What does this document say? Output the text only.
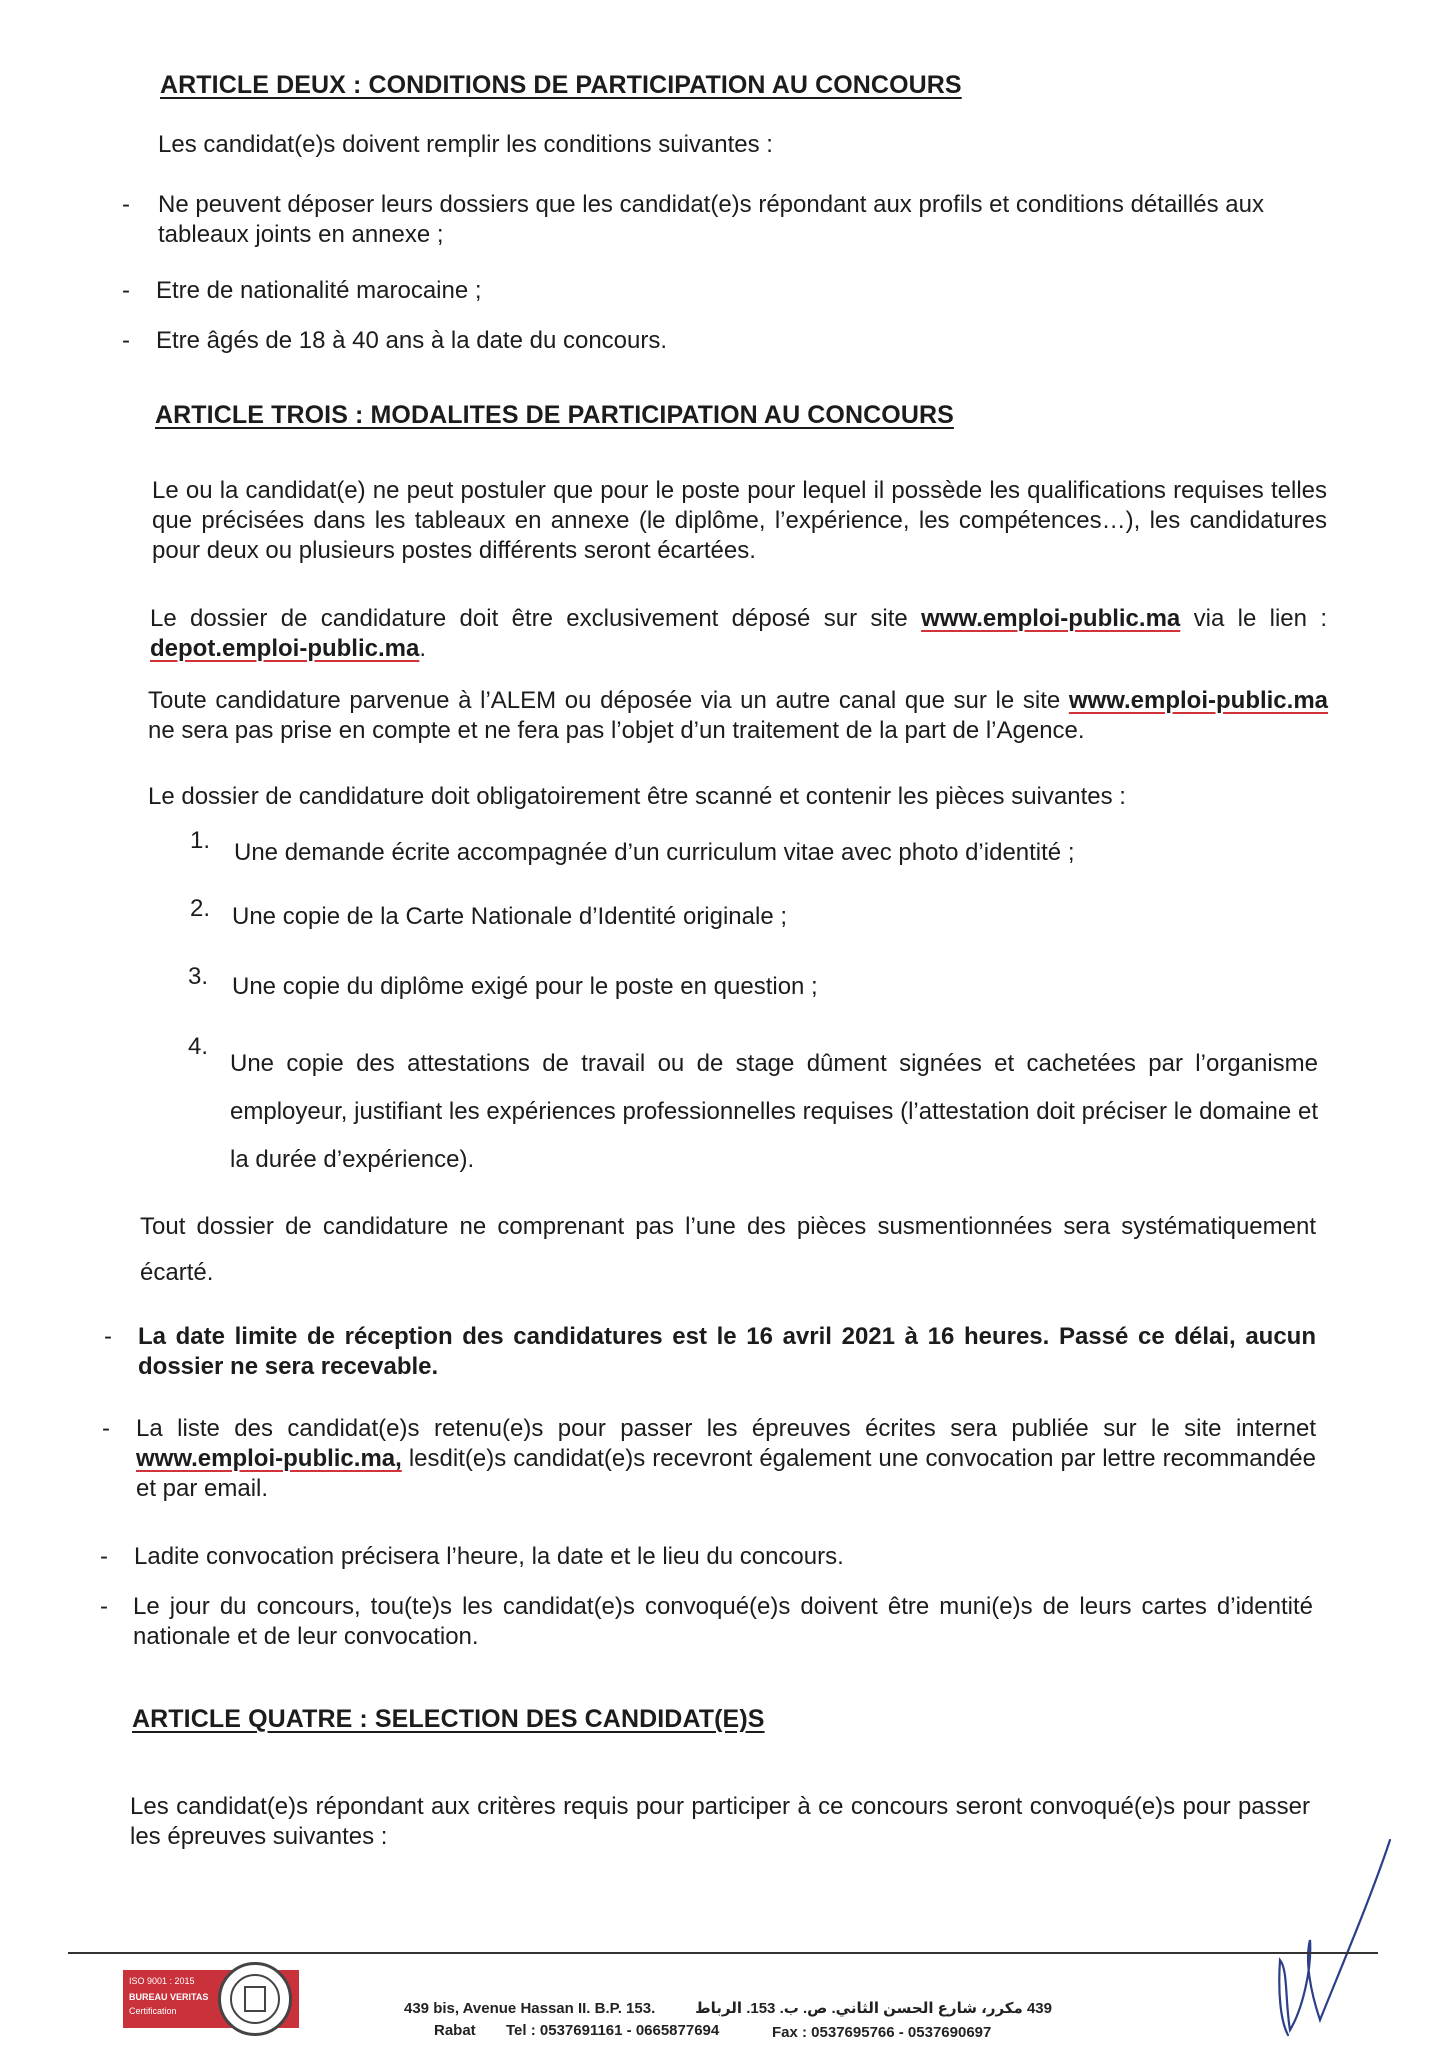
ARTICLE DEUX : CONDITIONS DE PARTICIPATION AU CONCOURS
Les candidat(e)s doivent remplir les conditions suivantes :
-	Ne peuvent déposer leurs dossiers que les candidat(e)s répondant aux profils et conditions détaillés aux tableaux joints en annexe ;
-	Etre de nationalité marocaine ;
-	Etre âgés de 18 à 40 ans à la date du concours.
ARTICLE TROIS : MODALITES DE PARTICIPATION AU CONCOURS
Le ou la candidat(e) ne peut postuler que pour le poste pour lequel il possède les qualifications requises telles que précisées dans les tableaux en annexe (le diplôme, l’expérience, les compétences…), les candidatures pour deux ou plusieurs postes différents seront écartées.
Le dossier de candidature doit être exclusivement déposé sur site www.emploi-public.ma via le lien : depot.emploi-public.ma.
Toute candidature parvenue à l’ALEM ou déposée via un autre canal que sur le site www.emploi-public.ma ne sera pas prise en compte et ne fera pas l’objet d’un traitement de la part de l’Agence.
Le dossier de candidature doit obligatoirement être scanné et contenir les pièces suivantes :
1. Une demande écrite accompagnée d’un curriculum vitae avec photo d’identité ;
2. Une copie de la Carte Nationale d’Identité originale ;
3. Une copie du diplôme exigé pour le poste en question ;
4.
Une copie des attestations de travail ou de stage dûment signées et cachetées par l’organisme employeur, justifiant les expériences professionnelles requises (l’attestation doit préciser le domaine et la durée d’expérience).
Tout dossier de candidature ne comprenant pas l’une des pièces susmentionnées sera systématiquement écarté.
-	La date limite de réception des candidatures est le 16 avril 2021 à 16 heures. Passé ce délai, aucun dossier ne sera recevable.
-	La liste des candidat(e)s retenu(e)s pour passer les épreuves écrites sera publiée sur le site internet www.emploi-public.ma, lesdit(e)s candidat(e)s recevront également une convocation par lettre recommandée et par email.
-	Ladite convocation précisera l’heure, la date et le lieu du concours.
-	Le jour du concours, tou(te)s les candidat(e)s convoqué(e)s doivent être muni(e)s de leurs cartes d’identité nationale et de leur convocation.
ARTICLE QUATRE : SELECTION DES CANDIDAT(E)S
Les candidat(e)s répondant aux critères requis pour participer à ce concours seront convoqué(e)s pour passer les épreuves suivantes :
ISO 9001 : 2015
BUREAU VERITAS
Certification	439 bis, Avenue Hassan II. B.P. 153.	439 مكرر، شارع الحسن الثاني. ص. ب. 153. الرباط
Rabat Tel : 0537691161 - 0665877694	Fax : 0537695766 - 0537690697
